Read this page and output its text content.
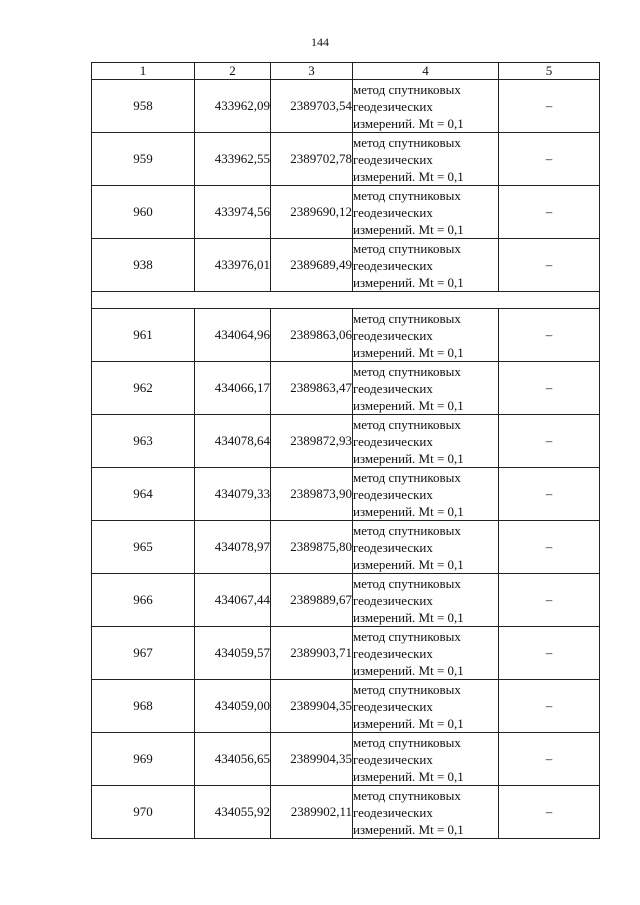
144
1	2	3	4	5
958	433962,09	2389703,54	метод спутниковых
геодезических
измерений. Mt = 0,1	–
959	433962,55	2389702,78	метод спутниковых
геодезических
измерений. Mt = 0,1	–
960	433974,56	2389690,12	метод спутниковых
геодезических
измерений. Mt = 0,1	–
938	433976,01	2389689,49	метод спутниковых
геодезических
измерений. Mt = 0,1	–

961	434064,96	2389863,06	метод спутниковых
геодезических
измерений. Mt = 0,1	–
962	434066,17	2389863,47	метод спутниковых
геодезических
измерений. Mt = 0,1	–
963	434078,64	2389872,93	метод спутниковых
геодезических
измерений. Mt = 0,1	–
964	434079,33	2389873,90	метод спутниковых
геодезических
измерений. Mt = 0,1	–
965	434078,97	2389875,80	метод спутниковых
геодезических
измерений. Mt = 0,1	–
966	434067,44	2389889,67	метод спутниковых
геодезических
измерений. Mt = 0,1	–
967	434059,57	2389903,71	метод спутниковых
геодезических
измерений. Mt = 0,1	–
968	434059,00	2389904,35	метод спутниковых
геодезических
измерений. Mt = 0,1	–
969	434056,65	2389904,35	метод спутниковых
геодезических
измерений. Mt = 0,1	–
970	434055,92	2389902,11	метод спутниковых
геодезических
измерений. Mt = 0,1	–
